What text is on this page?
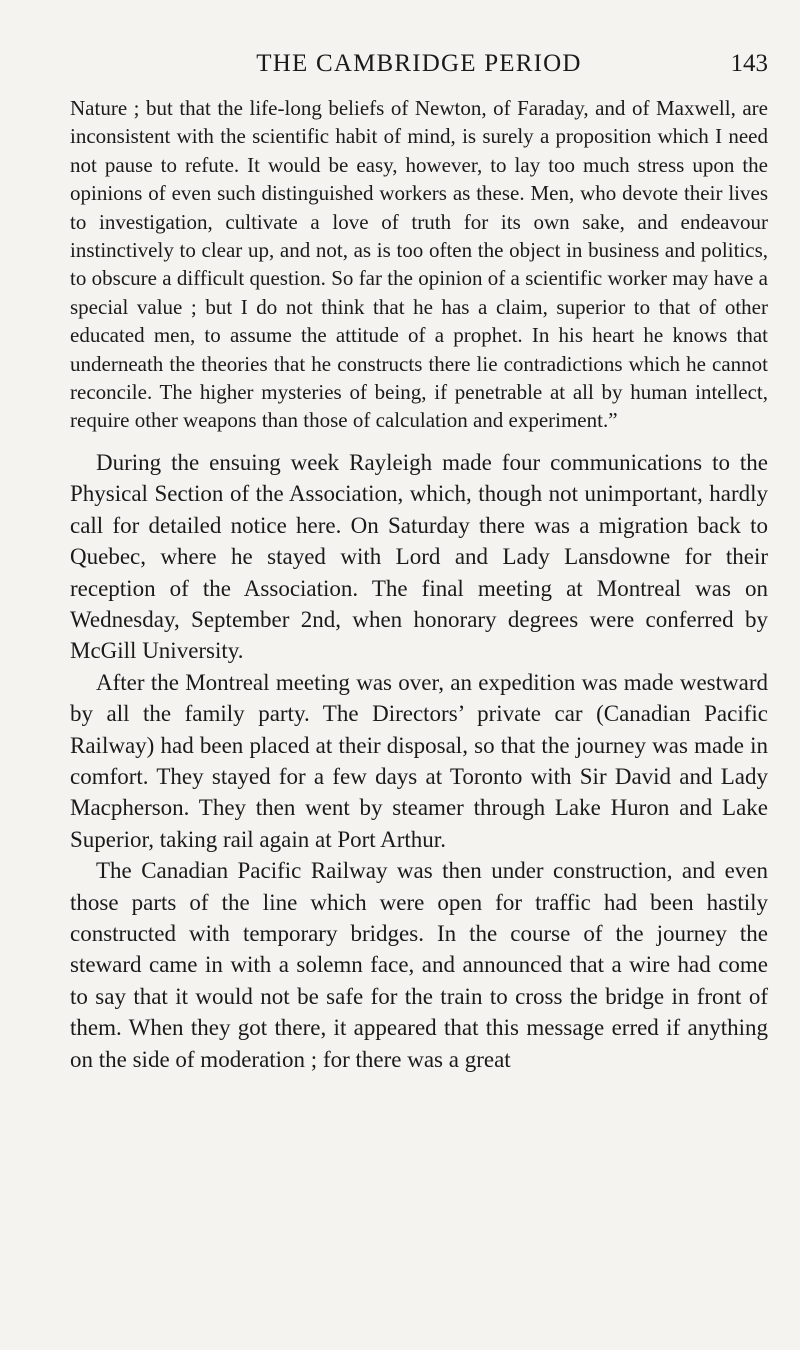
THE CAMBRIDGE PERIOD	143

Nature ; but that the life-long beliefs of Newton, of Faraday, and of Maxwell, are inconsistent with the scientific habit of mind, is surely a proposition which I need not pause to refute. It would be easy, however, to lay too much stress upon the opinions of even such distinguished workers as these. Men, who devote their lives to investigation, cultivate a love of truth for its own sake, and endeavour instinctively to clear up, and not, as is too often the object in business and politics, to obscure a difficult question. So far the opinion of a scientific worker may have a special value ; but I do not think that he has a claim, superior to that of other educated men, to assume the attitude of a prophet. In his heart he knows that underneath the theories that he constructs there lie contradictions which he cannot reconcile. The higher mysteries of being, if penetrable at all by human intellect, require other weapons than those of calculation and experiment.”

During the ensuing week Rayleigh made four communications to the Physical Section of the Association, which, though not unimportant, hardly call for detailed notice here. On Saturday there was a migration back to Quebec, where he stayed with Lord and Lady Lansdowne for their reception of the Association. The final meeting at Montreal was on Wednesday, September 2nd, when honorary degrees were conferred by McGill University.

After the Montreal meeting was over, an expedition was made westward by all the family party. The Directors’ private car (Canadian Pacific Railway) had been placed at their disposal, so that the journey was made in comfort. They stayed for a few days at Toronto with Sir David and Lady Macpherson. They then went by steamer through Lake Huron and Lake Superior, taking rail again at Port Arthur.

The Canadian Pacific Railway was then under construction, and even those parts of the line which were open for traffic had been hastily constructed with temporary bridges. In the course of the journey the steward came in with a solemn face, and announced that a wire had come to say that it would not be safe for the train to cross the bridge in front of them. When they got there, it appeared that this message erred if anything on the side of moderation ; for there was a great
